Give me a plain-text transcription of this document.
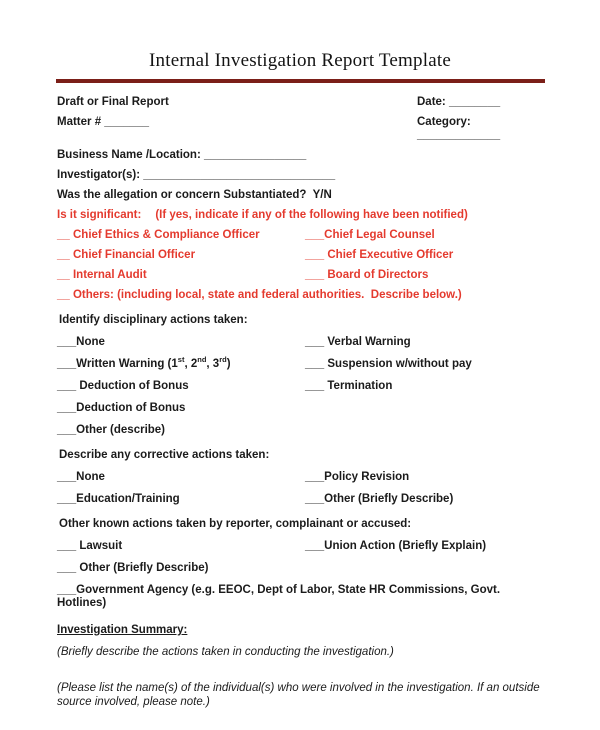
Internal Investigation Report Template
Draft or Final Report	Date: ________
Matter # _______	Category: _____________
Business Name /Location: ________________
Investigator(s): ______________________________
Was the allegation or concern Substantiated?  Y/N
Is it significant: (If yes, indicate if any of the following have been notified)
__ Chief Ethics & Compliance Officer	___Chief Legal Counsel
__ Chief Financial Officer	___ Chief Executive Officer
__ Internal Audit	___ Board of Directors
__ Others: (including local, state and federal authorities.  Describe below.)
Identify disciplinary actions taken:
___None	___ Verbal Warning
___Written Warning (1st, 2nd, 3rd)	___ Suspension w/without pay
___ Deduction of Bonus	___ Termination
___Deduction of Bonus
___Other (describe)
Describe any corrective actions taken:
___None	___Policy Revision
___Education/Training	___Other (Briefly Describe)
Other known actions taken by reporter, complainant or accused:
___ Lawsuit	___Union Action (Briefly Explain)
___ Other (Briefly Describe)
___Government Agency (e.g. EEOC, Dept of Labor, State HR Commissions, Govt. Hotlines)
Investigation Summary:

(Briefly describe the actions taken in conducting the investigation.)

(Please list the name(s) of the individual(s) who were involved in the investigation. If an outside source involved, please note.)
